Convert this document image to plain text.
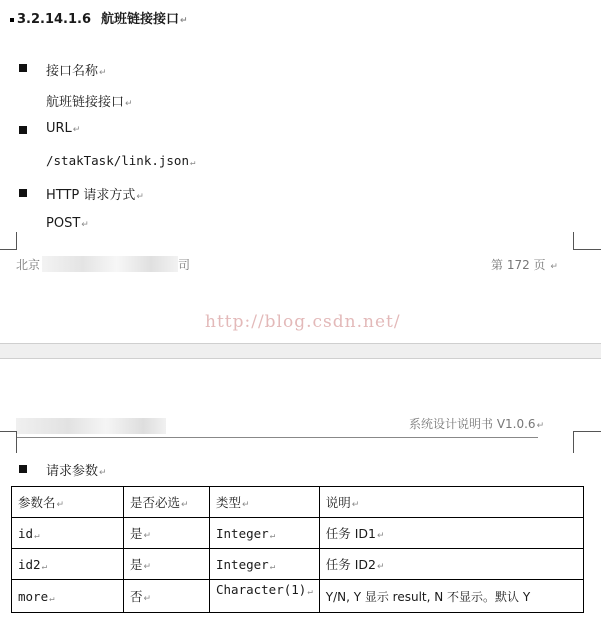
3.2.14.1.6 航班链接接口↵
接口名称↵
航班链接接口↵
URL↵
/stakTask/link.json↵
HTTP 请求方式↵
POST↵
北京	司	第 172 页 ↵
http://blog.csdn.net/
系统设计说明书 V1.0.6↵
请求参数↵
参数名↵	是否必选↵	类型↵	说明↵
id↵	是↵	Integer↵	任务 ID1↵
id2↵	是↵	Integer↵	任务 ID2↵
more↵	否↵	Character(1)↵	Y/N, Y 显示 result, N 不显示。默认 Y
